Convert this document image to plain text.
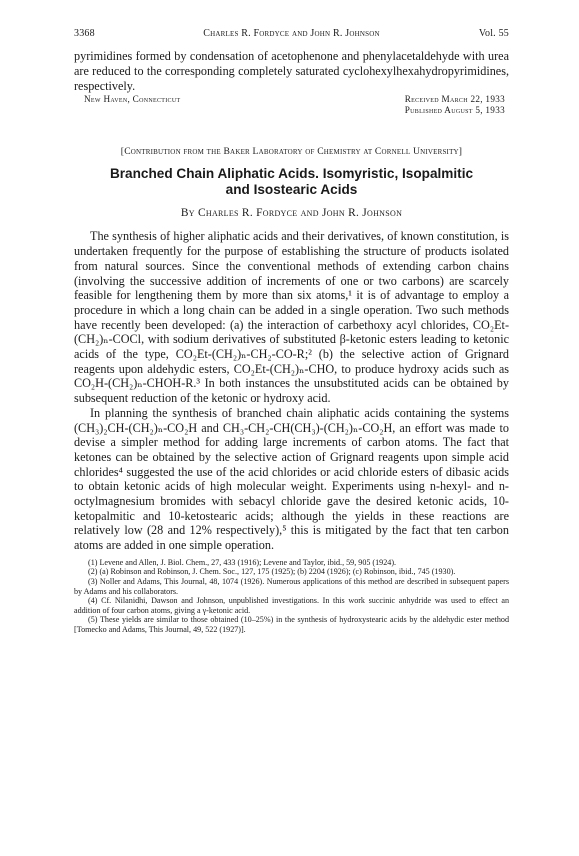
3368	Charles R. Fordyce and John R. Johnson	Vol. 55

pyrimidines formed by condensation of acetophenone and phenylacetaldehyde with urea are reduced to the corresponding completely saturated cyclohexylhexahydropyrimidines, respectively.

New Haven, Connecticut	Received March 22, 1933
Published August 5, 1933
[Contribution from the Baker Laboratory of Chemistry at Cornell University]
Branched Chain Aliphatic Acids. Isomyristic, Isopalmitic
and Isostearic Acids
By Charles R. Fordyce and John R. Johnson

The synthesis of higher aliphatic acids and their derivatives, of known constitution, is undertaken frequently for the purpose of establishing the structure of products isolated from natural sources. Since the conventional methods of extending carbon chains (involving the successive addition of increments of one or two carbons) are scarcely feasible for lengthening them by more than six atoms,¹ it is of advantage to employ a procedure in which a long chain can be added in a single operation. Two such methods have recently been developed: (a) the interaction of carbethoxy acyl chlorides, CO₂Et-(CH₂)ₙ-COCl, with sodium derivatives of substituted β-ketonic esters leading to ketonic acids of the type, CO₂Et-(CH₂)ₙ-CH₂-CO-R;² (b) the selective action of Grignard reagents upon aldehydic esters, CO₂Et-(CH₂)ₙ-CHO, to produce hydroxy acids such as CO₂H-(CH₂)ₙ-CHOH-R.³ In both instances the unsubstituted acids can be obtained by subsequent reduction of the ketonic or hydroxy acid.

In planning the synthesis of branched chain aliphatic acids containing the systems (CH₃)₂CH-(CH₂)ₙ-CO₂H and CH₃-CH₂-CH(CH₃)-(CH₂)ₙ-CO₂H, an effort was made to devise a simpler method for adding large increments of carbon atoms. The fact that ketones can be obtained by the selective action of Grignard reagents upon simple acid chlorides⁴ suggested the use of the acid chlorides or acid chloride esters of dibasic acids to obtain ketonic acids of high molecular weight. Experiments using n-hexyl- and n-octylmagnesium bromides with sebacyl chloride gave the desired ketonic acids, 10-ketopalmitic and 10-ketostearic acids; although the yields in these reactions are relatively low (28 and 12% respectively),⁵ this is mitigated by the fact that ten carbon atoms are added in one simple operation.

(1) Levene and Allen, J. Biol. Chem., 27, 433 (1916); Levene and Taylor, ibid., 59, 905 (1924).

(2) (a) Robinson and Robinson, J. Chem. Soc., 127, 175 (1925); (b) 2204 (1926); (c) Robinson, ibid., 745 (1930).

(3) Noller and Adams, This Journal, 48, 1074 (1926). Numerous applications of this method are described in subsequent papers by Adams and his collaborators.

(4) Cf. Nilanidhi, Dawson and Johnson, unpublished investigations. In this work succinic anhydride was used to effect an addition of four carbon atoms, giving a γ-ketonic acid.

(5) These yields are similar to those obtained (10–25%) in the synthesis of hydroxystearic acids by the aldehydic ester method [Tomecko and Adams, This Journal, 49, 522 (1927)].
